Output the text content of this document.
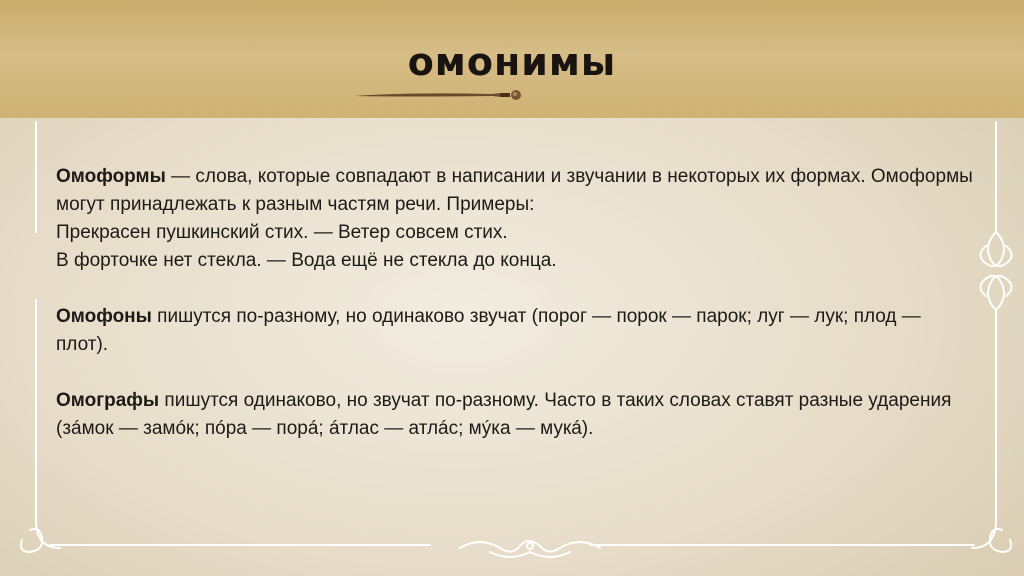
омонимы

Омоформы — слова, которые совпадают в написании и звучании в некоторых их формах. Омоформы могут принадлежать к разным частям речи. Примеры:
Прекрасен пушкинский стих. — Ветер совсем стих.
В форточке нет стекла. — Вода ещё не стекла до конца.

Омофоны пишутся по-разному, но одинаково звучат (порог — порок — парок; луг — лук; плод — плот).

Омографы пишутся одинаково, но звучат по-разному. Часто в таких словах ставят разные ударения (зáмок — замóк; пóра — порá; áтлас — атлáс; мýка — мукá).
